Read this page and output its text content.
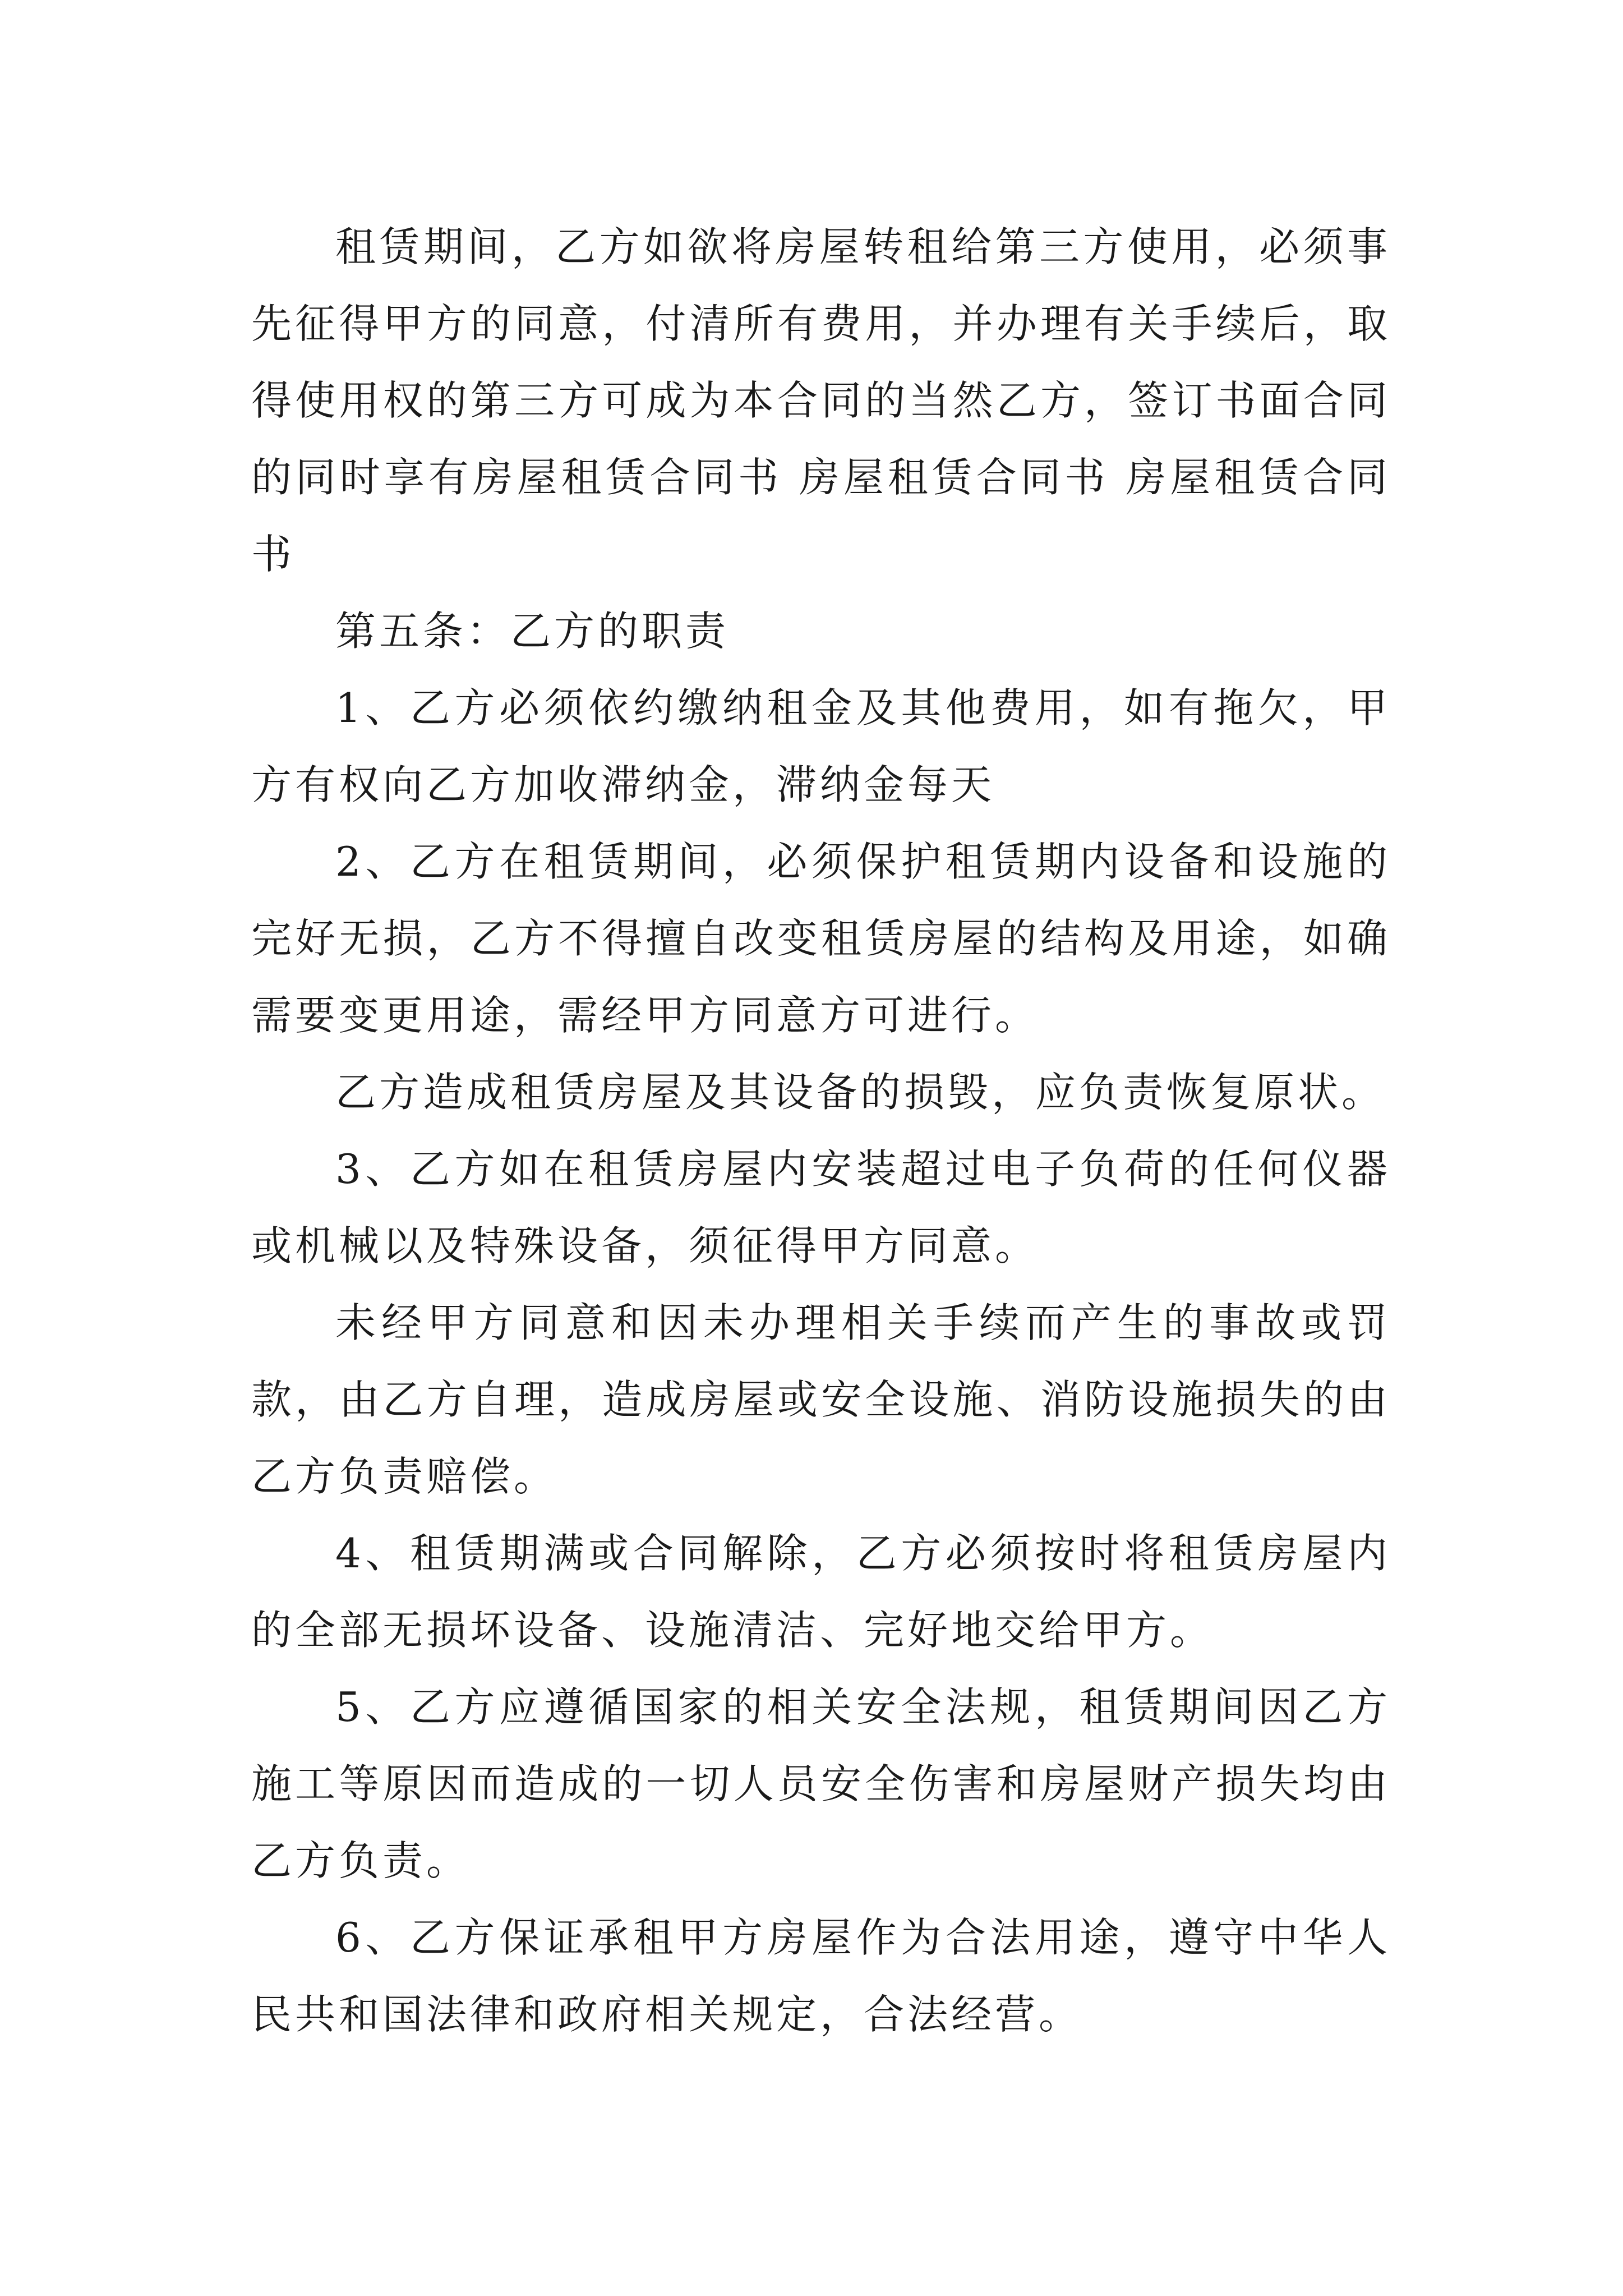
租赁期间，乙方如欲将房屋转租给第三方使用，必须事先征得甲方的同意，付清所有费用，并办理有关手续后，取得使用权的第三方可成为本合同的当然乙方，签订书面合同的同时享有房屋租赁合同书 房屋租赁合同书 房屋租赁合同书

第五条：乙方的职责

1、乙方必须依约缴纳租金及其他费用，如有拖欠，甲方有权向乙方加收滞纳金，滞纳金每天

2、乙方在租赁期间，必须保护租赁期内设备和设施的完好无损，乙方不得擅自改变租赁房屋的结构及用途，如确需要变更用途，需经甲方同意方可进行。

乙方造成租赁房屋及其设备的损毁，应负责恢复原状。

3、乙方如在租赁房屋内安装超过电子负荷的任何仪器或机械以及特殊设备，须征得甲方同意。

未经甲方同意和因未办理相关手续而产生的事故或罚款，由乙方自理，造成房屋或安全设施、消防设施损失的由乙方负责赔偿。

4、租赁期满或合同解除，乙方必须按时将租赁房屋内的全部无损坏设备、设施清洁、完好地交给甲方。

5、乙方应遵循国家的相关安全法规，租赁期间因乙方施工等原因而造成的一切人员安全伤害和房屋财产损失均由乙方负责。

6、乙方保证承租甲方房屋作为合法用途，遵守中华人民共和国法律和政府相关规定，合法经营。
